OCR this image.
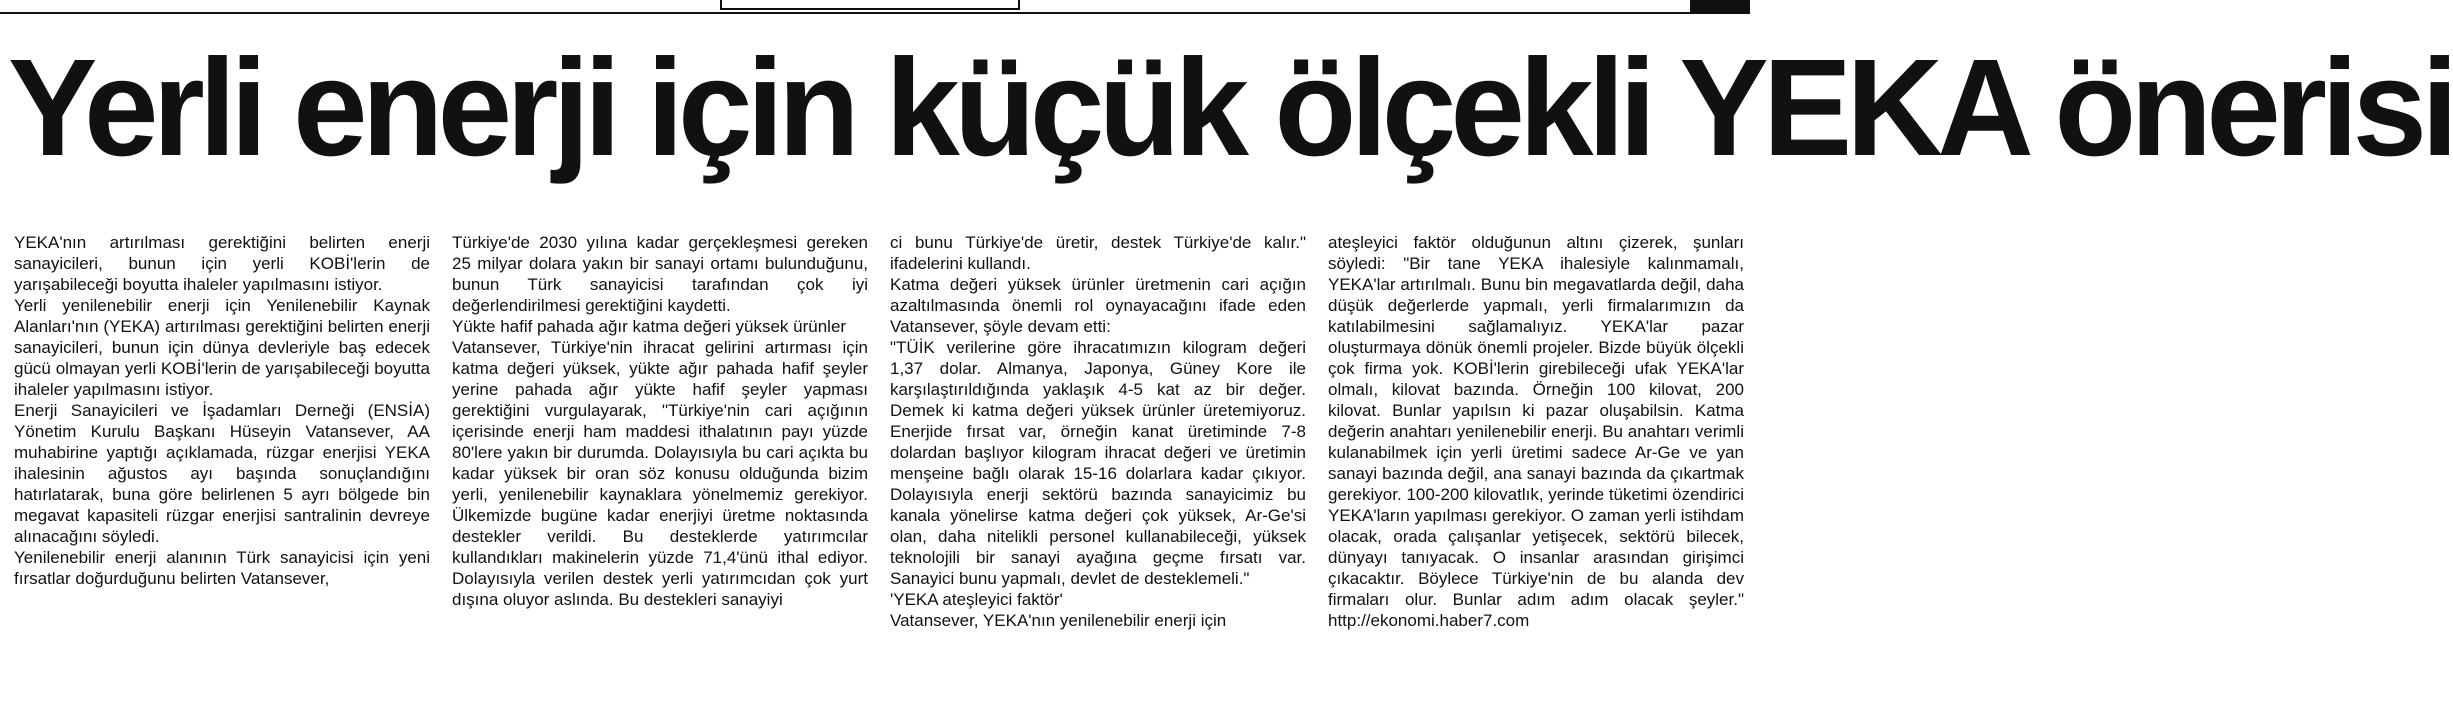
Yerli enerji için küçük ölçekli YEKA önerisi

YEKA'nın artırılması gerektiğini belirten enerji sanayicileri, bunun için yerli KOBİ'lerin de yarışabileceği boyutta ihaleler yapılmasını istiyor.

Yerli yenilenebilir enerji için Yenilenebilir Kaynak Alanları'nın (YEKA) artırılması gerektiğini belirten enerji sanayicileri, bunun için dünya devleriyle baş edecek gücü olmayan yerli KOBİ'lerin de yarışabileceği boyutta ihaleler yapılmasını istiyor.

Enerji Sanayicileri ve İşadamları Derneği (ENSİA) Yönetim Kurulu Başkanı Hüseyin Vatansever, AA muhabirine yaptığı açıklamada, rüzgar enerjisi YEKA ihalesinin ağustos ayı başında sonuçlandığını hatırlatarak, buna göre belirlenen 5 ayrı bölgede bin megavat kapasiteli rüzgar enerjisi santralinin devreye alınacağını söyledi.

Yenilenebilir enerji alanının Türk sanayicisi için yeni fırsatlar doğurduğunu belirten Vatansever,

Türkiye'de 2030 yılına kadar gerçekleşmesi gereken 25 milyar dolara yakın bir sanayi ortamı bulunduğunu, bunun Türk sanayicisi tarafından çok iyi değerlendirilmesi gerektiğini kaydetti.

Yükte hafif pahada ağır katma değeri yüksek ürünler

Vatansever, Türkiye'nin ihracat gelirini artırması için katma değeri yüksek, yükte ağır pahada hafif şeyler yerine pahada ağır yükte hafif şeyler yapması gerektiğini vurgulayarak, "Türkiye'nin cari açığının içerisinde enerji ham maddesi ithalatının payı yüzde 80'lere yakın bir durumda. Dolayısıyla bu cari açıkta bu kadar yüksek bir oran söz konusu olduğunda bizim yerli, yenilenebilir kaynaklara yönelmemiz gerekiyor. Ülkemizde bugüne kadar enerjiyi üretme noktasında destekler verildi. Bu desteklerde yatırımcılar kullandıkları makinelerin yüzde 71,4'ünü ithal ediyor. Dolayısıyla verilen destek yerli yatırımcıdan çok yurt dışına oluyor aslında. Bu destekleri sanayiyi

ci bunu Türkiye'de üretir, destek Türkiye'de kalır." ifadelerini kullandı.

Katma değeri yüksek ürünler üretmenin cari açığın azaltılmasında önemli rol oynayacağını ifade eden Vatansever, şöyle devam etti:

"TÜİK verilerine göre ihracatımızın kilogram değeri 1,37 dolar. Almanya, Japonya, Güney Kore ile karşılaştırıldığında yaklaşık 4-5 kat az bir değer. Demek ki katma değeri yüksek ürünler üretemiyoruz. Enerjide fırsat var, örneğin kanat üretiminde 7-8 dolardan başlıyor kilogram ihracat değeri ve üretimin menşeine bağlı olarak 15-16 dolarlara kadar çıkıyor. Dolayısıyla enerji sektörü bazında sanayicimiz bu kanala yönelirse katma değeri çok yüksek, Ar-Ge'si olan, daha nitelikli personel kullanabileceği, yüksek teknolojili bir sanayi ayağına geçme fırsatı var. Sanayici bunu yapmalı, devlet de desteklemeli."

'YEKA ateşleyici faktör'

Vatansever, YEKA'nın yenilenebilir enerji için

ateşleyici faktör olduğunun altını çizerek, şunları söyledi: "Bir tane YEKA ihalesiyle kalınmamalı, YEKA'lar artırılmalı. Bunu bin megavatlarda değil, daha düşük değerlerde yapmalı, yerli firmalarımızın da katılabilmesini sağlamalıyız. YEKA'lar pazar oluşturmaya dönük önemli projeler. Bizde büyük ölçekli çok firma yok. KOBİ'lerin girebileceği ufak YEKA'lar olmalı, kilovat bazında. Örneğin 100 kilovat, 200 kilovat. Bunlar yapılsın ki pazar oluşabilsin. Katma değerin anahtarı yenilenebilir enerji. Bu anahtarı verimli kulanabilmek için yerli üretimi sadece Ar-Ge ve yan sanayi bazında değil, ana sanayi bazında da çıkartmak gerekiyor. 100-200 kilovatlık, yerinde tüketimi özendirici YEKA'ların yapılması gerekiyor. O zaman yerli istihdam olacak, orada çalışanlar yetişecek, sektörü bilecek, dünyayı tanıyacak. O insanlar arasından girişimci çıkacaktır. Böylece Türkiye'nin de bu alanda dev firmaları olur. Bunlar adım adım olacak şeyler." http://ekonomi.haber7.com
